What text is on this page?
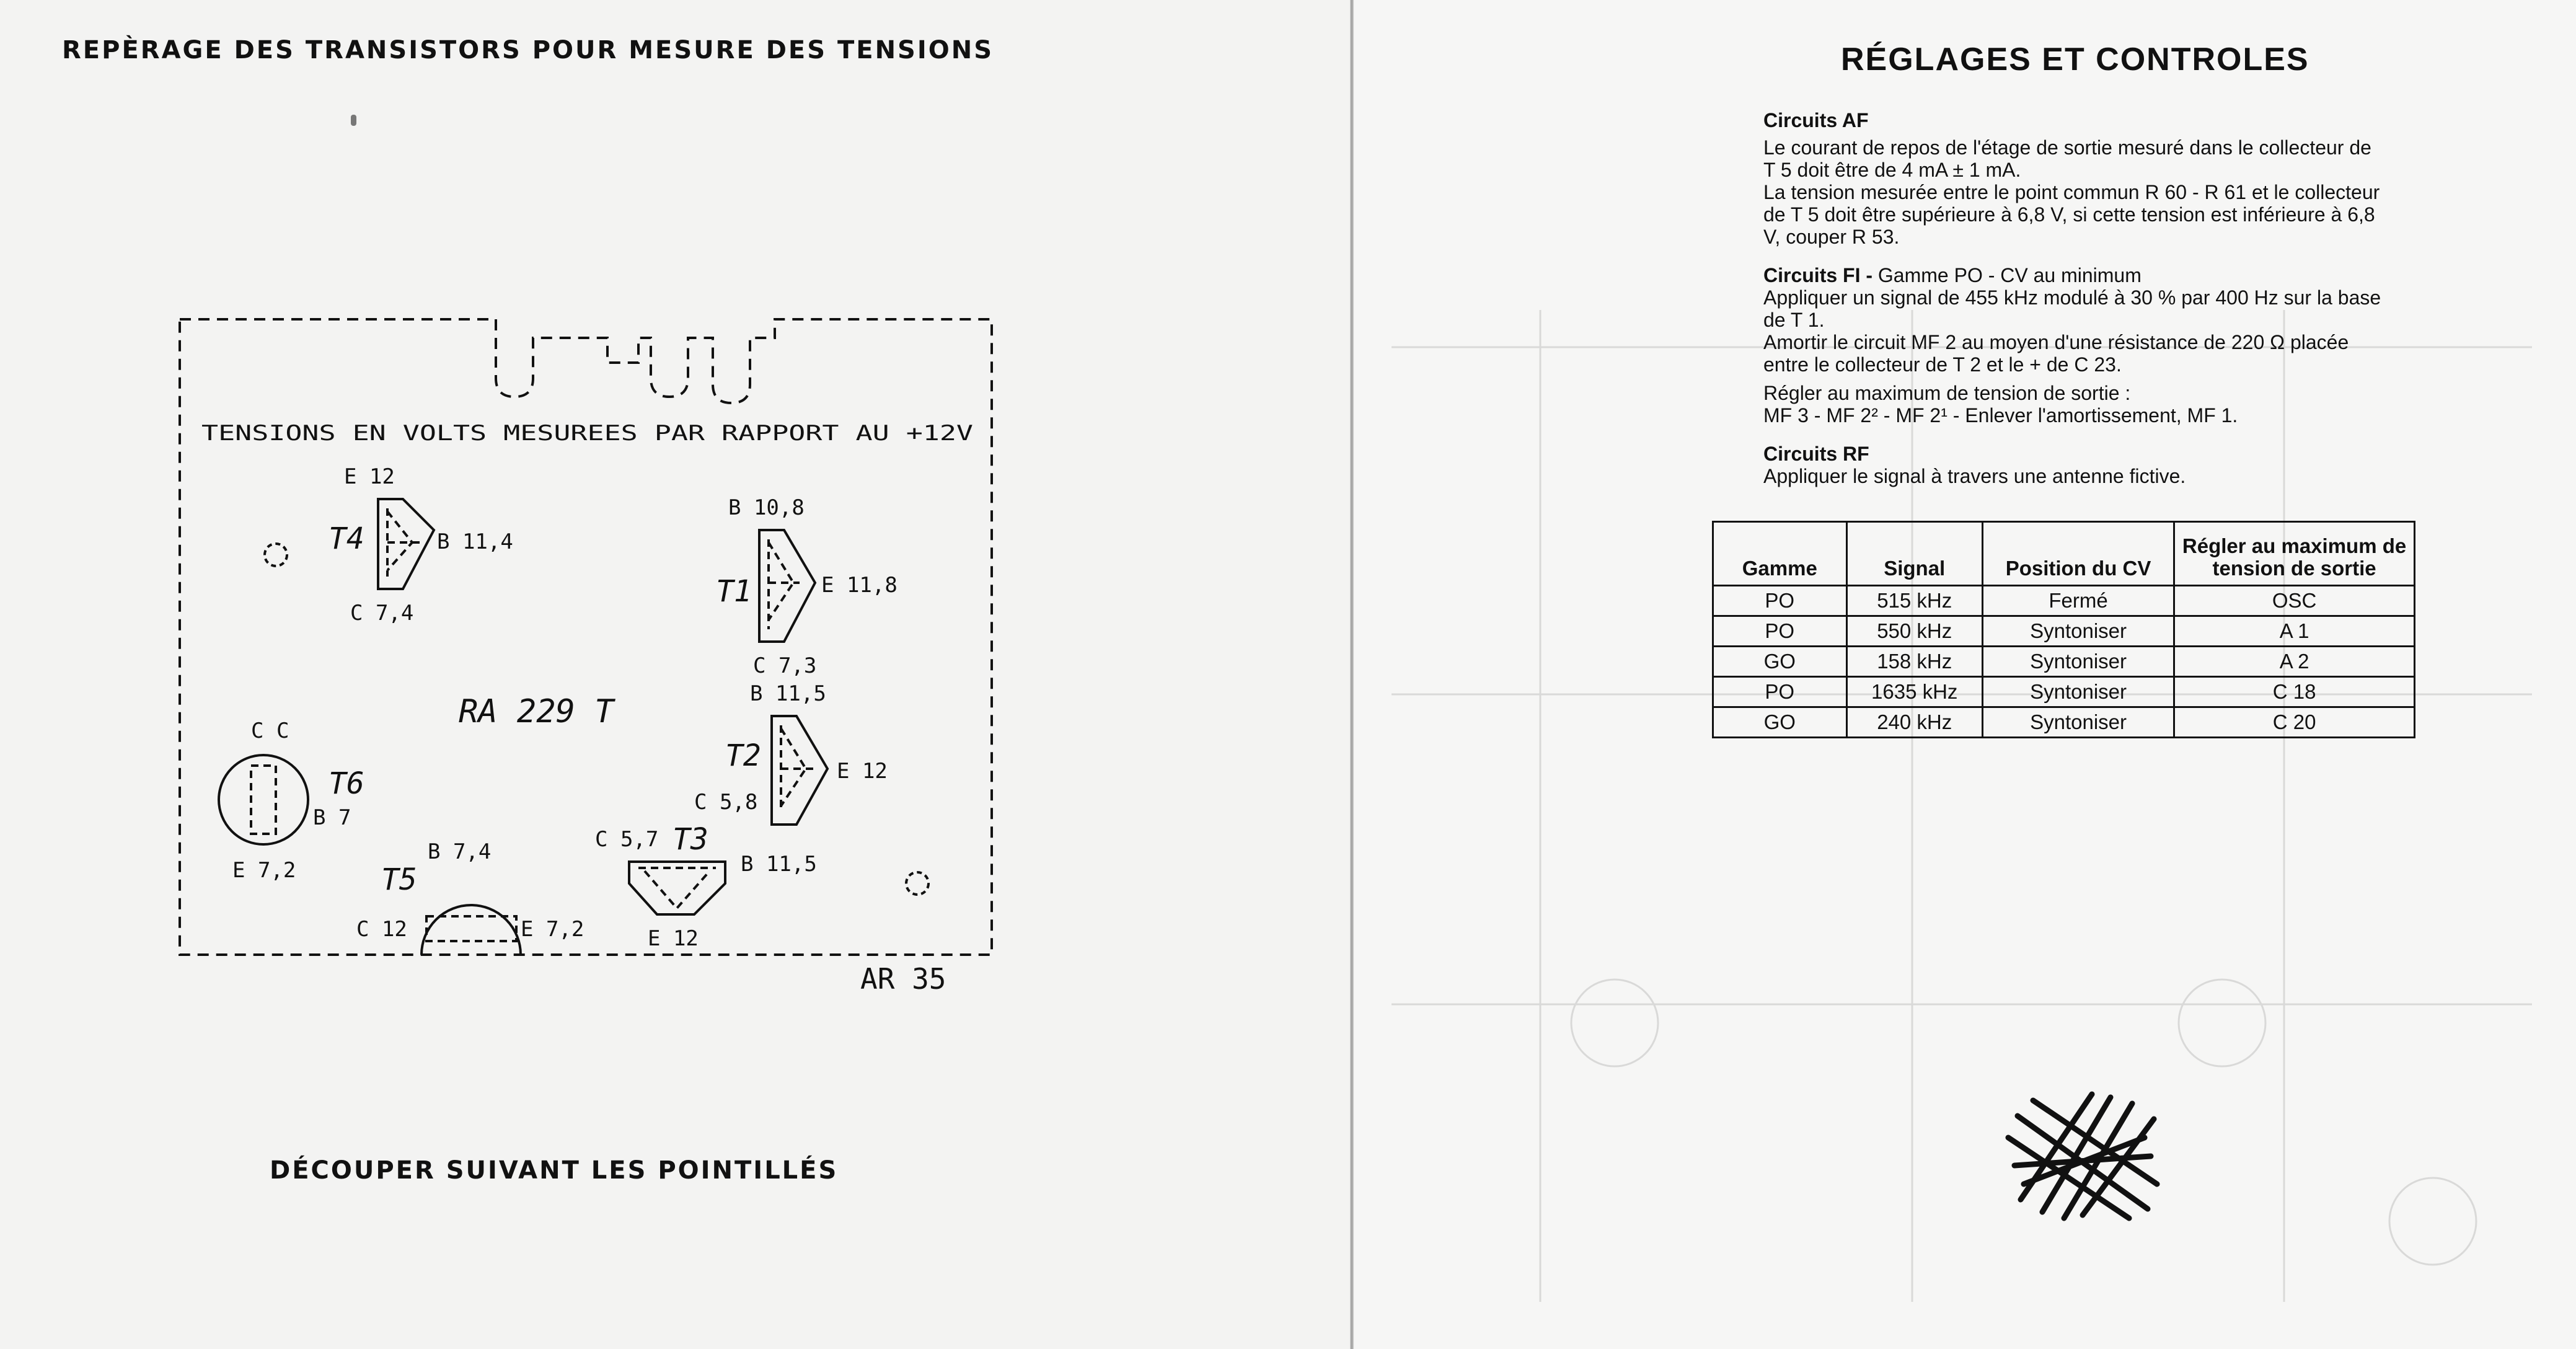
REPÈRAGE DES TRANSISTORS POUR MESURE DES TENSIONS
TENSIONS EN VOLTS MESUREES PAR RAPPORT AU +12V
RA 229 T
AR 35
T4
E 12
B 11,4
C 7,4
T1
B 10,8
E 11,8
C 7,3
T2
B 11,5
E 12
C 5,8
T6
C C
B 7
E 7,2	T5
B 7,4
C 12	E 7,2
T3
C 5,7
B 11,5
E 12
DÉCOUPER SUIVANT LES POINTILLÉS
RÉGLAGES ET CONTROLES

Circuits AF

Le courant de repos de l'étage de sortie mesuré dans le collecteur de T 5 doit être de 4 mA ± 1 mA.

La tension mesurée entre le point commun R 60 - R 61 et le collecteur de T 5 doit être supérieure à 6,8 V, si cette tension est inférieure à 6,8 V, couper R 53.

Circuits FI - Gamme PO - CV au minimum

Appliquer un signal de 455 kHz modulé à 30 % par 400 Hz sur la base de T 1.

Amortir le circuit MF 2 au moyen d'une résistance de 220 Ω placée entre le collecteur de T 2 et le + de C 23.

Régler au maximum de tension de sortie :

MF 3 - MF 2² - MF 2¹ - Enlever l'amortissement, MF 1.

Circuits RF

Appliquer le signal à travers une antenne fictive.

Gamme	Signal	Position du CV	Régler au maximum de tension de sortie
PO	515 kHz	Fermé	OSC
PO	550 kHz	Syntoniser	A 1
GO	158 kHz	Syntoniser	A 2
PO	1635 kHz	Syntoniser	C 18
GO	240 kHz	Syntoniser	C 20
